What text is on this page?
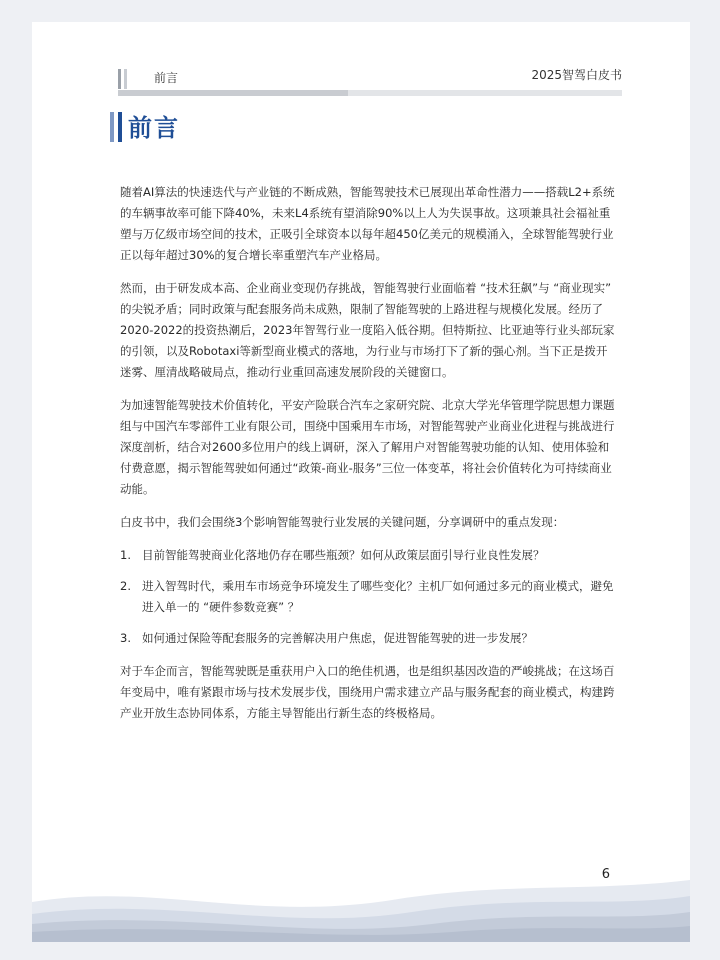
前言	2025智驾白皮书
前言

随着AI算法的快速迭代与产业链的不断成熟，智能驾驶技术已展现出革命性潜力——搭载L2+系统的车辆事故率可能下降40%，未来L4系统有望消除90%以上人为失误事故。这项兼具社会福祉重塑与万亿级市场空间的技术，正吸引全球资本以每年超450亿美元的规模涌入，全球智能驾驶行业正以每年超过30%的复合增长率重塑汽车产业格局。

然而，由于研发成本高、企业商业变现仍存挑战，智能驾驶行业面临着 “技术狂飙”与 “商业现实” 的尖锐矛盾；同时政策与配套服务尚未成熟，限制了智能驾驶的上路进程与规模化发展。经历了2020-2022的投资热潮后，2023年智驾行业一度陷入低谷期。但特斯拉、比亚迪等行业头部玩家的引领，以及Robotaxi等新型商业模式的落地，为行业与市场打下了新的强心剂。当下正是拨开迷雾、厘清战略破局点，推动行业重回高速发展阶段的关键窗口。

为加速智能驾驶技术价值转化，平安产险联合汽车之家研究院、北京大学光华管理学院思想力课题组与中国汽车零部件工业有限公司，围绕中国乘用车市场，对智能驾驶产业商业化进程与挑战进行深度剖析，结合对2600多位用户的线上调研，深入了解用户对智能驾驶功能的认知、使用体验和付费意愿，揭示智能驾驶如何通过“政策-商业-服务”三位一体变革，将社会价值转化为可持续商业动能。

白皮书中，我们会围绕3个影响智能驾驶行业发展的关键问题，分享调研中的重点发现：

1. 目前智能驾驶商业化落地仍存在哪些瓶颈？如何从政策层面引导行业良性发展？
2. 进入智驾时代，乘用车市场竞争环境发生了哪些变化？主机厂如何通过多元的商业模式，避免进入单一的 “硬件参数竞赛” ？
3. 如何通过保险等配套服务的完善解决用户焦虑，促进智能驾驶的进一步发展？

对于车企而言，智能驾驶既是重获用户入口的绝佳机遇，也是组织基因改造的严峻挑战；在这场百年变局中，唯有紧跟市场与技术发展步伐，围绕用户需求建立产品与服务配套的商业模式，构建跨产业开放生态协同体系，方能主导智能出行新生态的终极格局。

6
